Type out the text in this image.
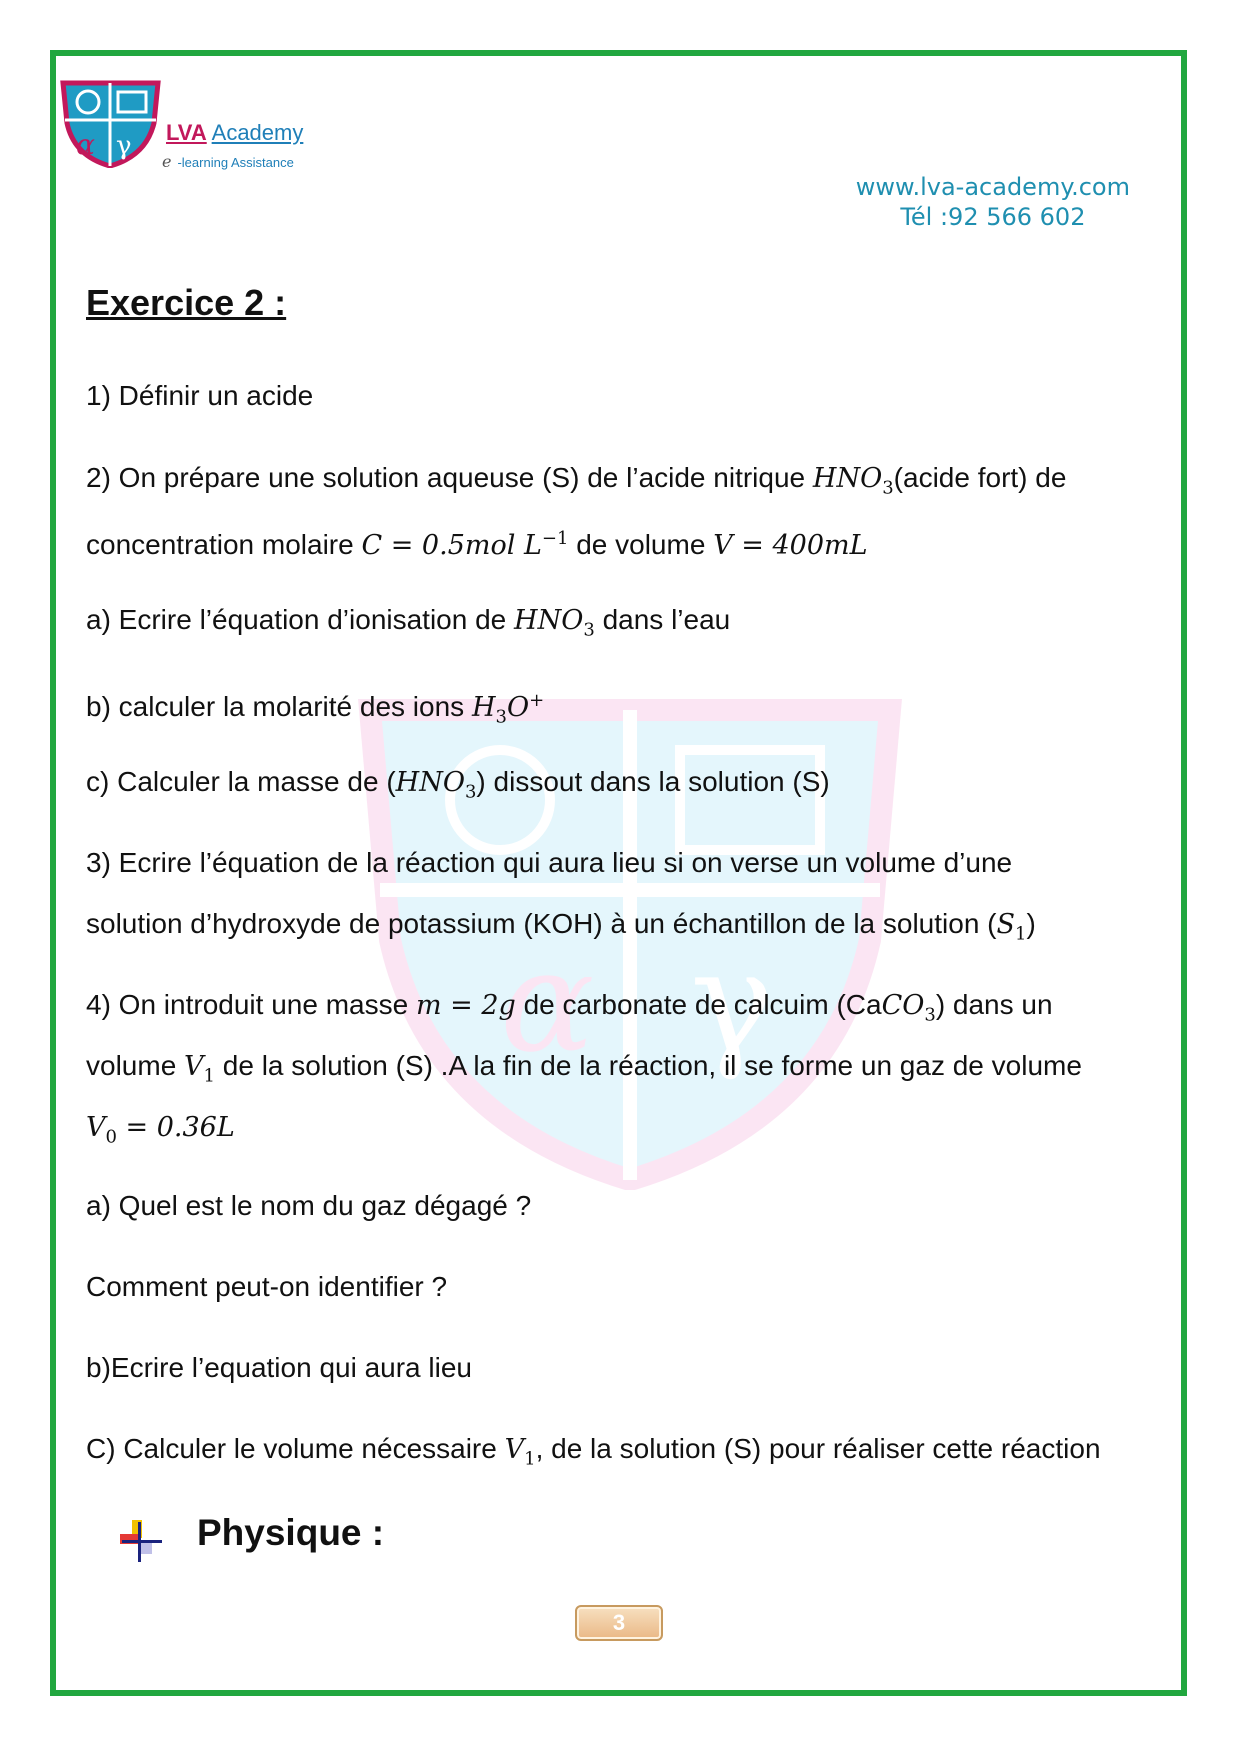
α γ
α γ LVA Academy
e -learning Assistance
www.lva-academy.com
Tél :92 566 602
Exercice 2 :
1) Définir un acide
2) On prépare une solution aqueuse (S) de l’acide nitrique $HNO_3(acide$ fort) de
concentration molaire C = 0.5mol $L^{-1}$ de volume V = 400mL
a) Ecrire l’équation d’ionisation de $HNO_3$ dans l’eau
b) calculer la molarité des ions $H_3O^+$
c) Calculer la masse de $(HNO_3)$ dissout dans la solution (S)
3) Ecrire l’équation de la réaction qui aura lieu si on verse un volume d’une
solution d’hydroxyde de potassium (KOH) à un échantillon de la solution $(S_1)$
4) On introduit une masse m = 2g de carbonate de calcuim (CaCO$_3$) dans un
volume $V_1$ de la solution (S) .A la fin de la réaction, il se forme un gaz de volume
$V_0 = 0.36L$
a) Quel est le nom du gaz dégagé ?
Comment peut-on identifier ?
b)Ecrire l’equation qui aura lieu
C) Calculer le volume nécessaire $V_1$, de la solution (S) pour réaliser cette réaction
Physique :
3
